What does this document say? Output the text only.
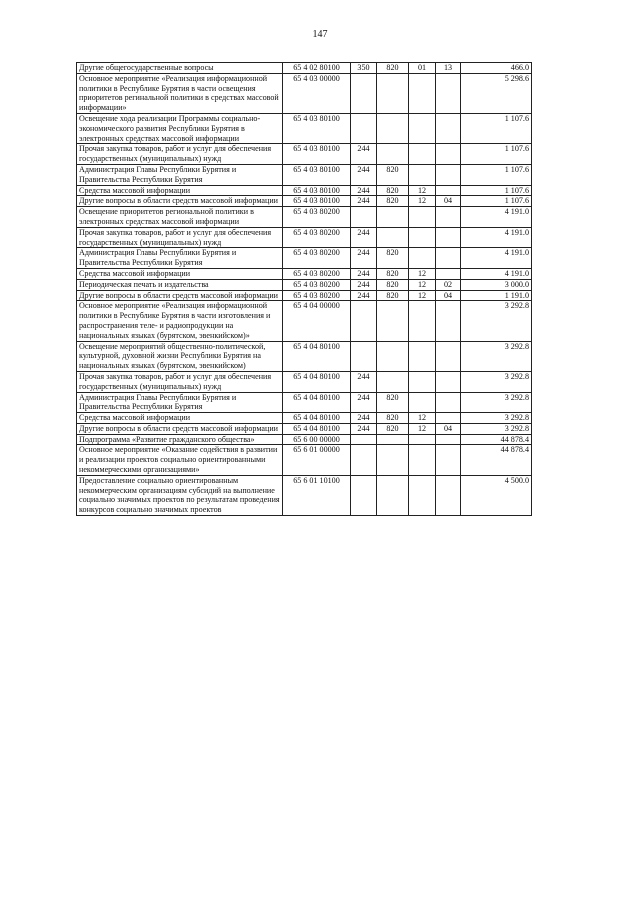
147
Другие общегосударственные вопросы	65 4 02 80100	350	820	01	13	466.0
Основное мероприятие «Реализация информационной политики в Республике Бурятия в части освещения приоритетов регинальной политики в средствах массовой информации»	65 4 03 00000					5 298.6
Освещение хода реализации Программы социально-экономического развития Республики Бурятия в электронных средствах массовой информации	65 4 03 80100					1 107.6
Прочая закупка товаров, работ и услуг для обеспечения государственных (муниципальных) нужд	65 4 03 80100	244				1 107.6
Администрация Главы Республики Бурятия и Правительства Республики Бурятия	65 4 03 80100	244	820			1 107.6
Средства массовой информации	65 4 03 80100	244	820	12		1 107.6
Другие вопросы в области средств массовой информации	65 4 03 80100	244	820	12	04	1 107.6
Освещение приоритетов региональной политики в электронных средствах массовой информации	65 4 03 80200					4 191.0
Прочая закупка товаров, работ и услуг для обеспечения государственных (муниципальных) нужд	65 4 03 80200	244				4 191.0
Администрация Главы Республики Бурятия и Правительства Республики Бурятия	65 4 03 80200	244	820			4 191.0
Средства массовой информации	65 4 03 80200	244	820	12		4 191.0
Периодическая печать и издательства	65 4 03 80200	244	820	12	02	3 000.0
Другие вопросы в области средств массовой информации	65 4 03 80200	244	820	12	04	1 191.0
Основное мероприятие «Реализация информационной политики в Республике Бурятия в части изготовления и распространения теле- и радиопродукции на национальных языках (бурятском, эвенкийском)»	65 4 04 00000					3 292.8
Освещение мероприятий общественно-политической, культурной, духовной жизни Республики Бурятия на национальных языках (бурятском, эвенкийском)	65 4 04 80100					3 292.8
Прочая закупка товаров, работ и услуг для обеспечения государственных (муниципальных) нужд	65 4 04 80100	244				3 292.8
Администрация Главы Республики Бурятия и Правительства Республики Бурятия	65 4 04 80100	244	820			3 292.8
Средства массовой информации	65 4 04 80100	244	820	12		3 292.8
Другие вопросы в области средств массовой информации	65 4 04 80100	244	820	12	04	3 292.8
Подпрограмма «Развитие гражданского общества»	65 6 00 00000					44 878.4
Основное мероприятие «Оказание содействия в развитии и реализации проектов социально ориентированными некоммерческими организациями»	65 6 01 00000					44 878.4
Предоставление социально ориентированным некоммерческим организациям субсидий на выполнение социально значимых проектов по результатам проведения конкурсов социально значимых проектов	65 6 01 10100					4 500.0
